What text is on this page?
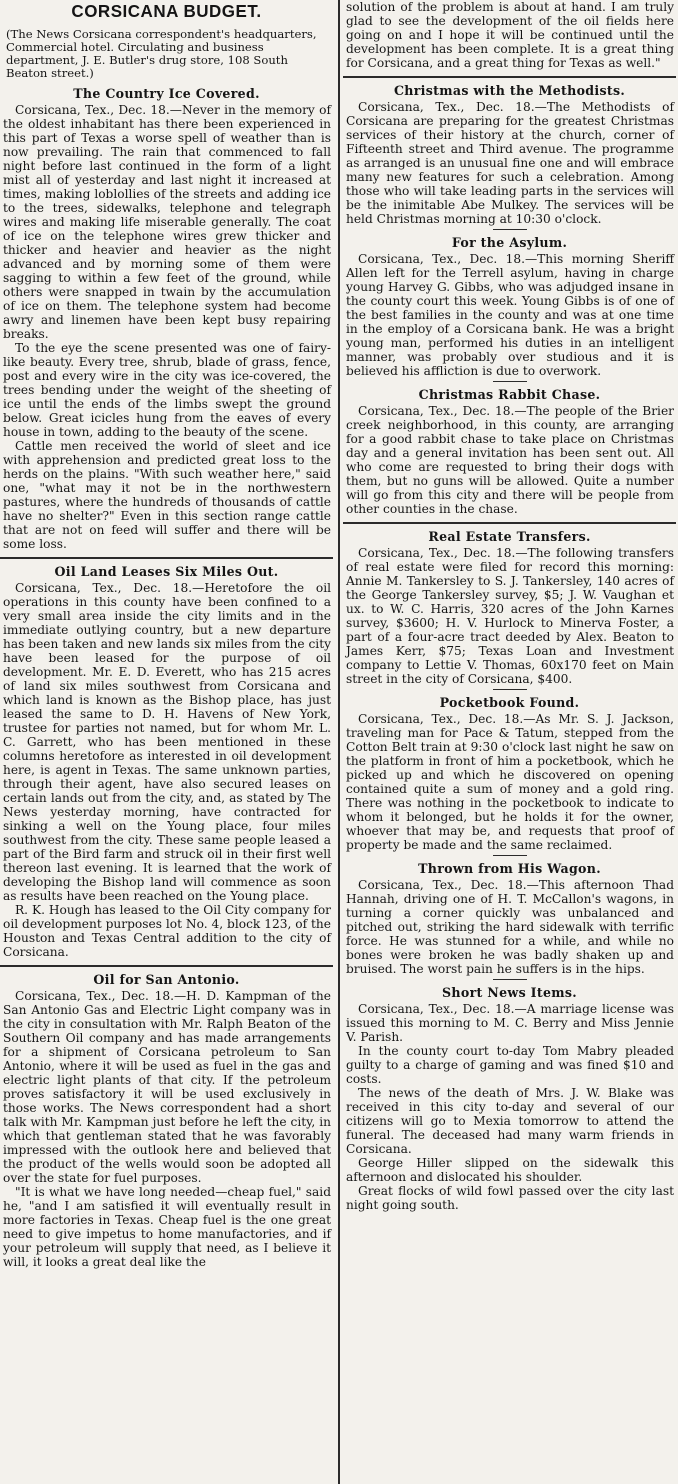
CORSICANA BUDGET.
(The News Corsicana correspondent's headquarters, Commercial hotel. Circulating and business department, J. E. Butler's drug store, 108 South Beaton street.)
The Country Ice Covered.

Corsicana, Tex., Dec. 18.—Never in the memory of the oldest inhabitant has there been experienced in this part of Texas a worse spell of weather than is now prevailing. The rain that commenced to fall night before last continued in the form of a light mist all of yesterday and last night it increased at times, making loblollies of the streets and adding ice to the trees, sidewalks, telephone and telegraph wires and making life miserable generally. The coat of ice on the telephone wires grew thicker and thicker and heavier and heavier as the night advanced and by morning some of them were sagging to within a few feet of the ground, while others were snapped in twain by the accumulation of ice on them. The telephone system had become awry and linemen have been kept busy repairing breaks.

To the eye the scene presented was one of fairy-like beauty. Every tree, shrub, blade of grass, fence, post and every wire in the city was ice-covered, the trees bending under the weight of the sheeting of ice until the ends of the limbs swept the ground below. Great icicles hung from the eaves of every house in town, adding to the beauty of the scene.

Cattle men received the world of sleet and ice with apprehension and predicted great loss to the herds on the plains. "With such weather here," said one, "what may it not be in the northwestern pastures, where the hundreds of thousands of cattle have no shelter?" Even in this section range cattle that are not on feed will suffer and there will be some loss.

Oil Land Leases Six Miles Out.

Corsicana, Tex., Dec. 18.—Heretofore the oil operations in this county have been confined to a very small area inside the city limits and in the immediate outlying country, but a new departure has been taken and new lands six miles from the city have been leased for the purpose of oil development. Mr. E. D. Everett, who has 215 acres of land six miles southwest from Corsicana and which land is known as the Bishop place, has just leased the same to D. H. Havens of New York, trustee for parties not named, but for whom Mr. L. C. Garrett, who has been mentioned in these columns heretofore as interested in oil development here, is agent in Texas. The same unknown parties, through their agent, have also secured leases on certain lands out from the city, and, as stated by The News yesterday morning, have contracted for sinking a well on the Young place, four miles southwest from the city. These same people leased a part of the Bird farm and struck oil in their first well thereon last evening. It is learned that the work of developing the Bishop land will commence as soon as results have been reached on the Young place.

R. K. Hough has leased to the Oil City company for oil development purposes lot No. 4, block 123, of the Houston and Texas Central addition to the city of Corsicana.

Oil for San Antonio.

Corsicana, Tex., Dec. 18.—H. D. Kampman of the San Antonio Gas and Electric Light company was in the city in consultation with Mr. Ralph Beaton of the Southern Oil company and has made arrangements for a shipment of Corsicana petroleum to San Antonio, where it will be used as fuel in the gas and electric light plants of that city. If the petroleum proves satisfactory it will be used exclusively in those works. The News correspondent had a short talk with Mr. Kampman just before he left the city, in which that gentleman stated that he was favorably impressed with the outlook here and believed that the product of the wells would soon be adopted all over the state for fuel purposes.

"It is what we have long needed—cheap fuel," said he, "and I am satisfied it will eventually result in more factories in Texas. Cheap fuel is the one great need to give impetus to home manufactories, and if your petroleum will supply that need, as I believe it will, it looks a great deal like the

solution of the problem is about at hand. I am truly glad to see the development of the oil fields here going on and I hope it will be continued until the development has been complete. It is a great thing for Corsicana, and a great thing for Texas as well."

Christmas with the Methodists.

Corsicana, Tex., Dec. 18.—The Methodists of Corsicana are preparing for the greatest Christmas services of their history at the church, corner of Fifteenth street and Third avenue. The programme as arranged is an unusual fine one and will embrace many new features for such a celebration. Among those who will take leading parts in the services will be the inimitable Abe Mulkey. The services will be held Christmas morning at 10:30 o'clock.

For the Asylum.

Corsicana, Tex., Dec. 18.—This morning Sheriff Allen left for the Terrell asylum, having in charge young Harvey G. Gibbs, who was adjudged insane in the county court this week. Young Gibbs is of one of the best families in the county and was at one time in the employ of a Corsicana bank. He was a bright young man, performed his duties in an intelligent manner, was probably over studious and it is believed his affliction is due to overwork.

Christmas Rabbit Chase.

Corsicana, Tex., Dec. 18.—The people of the Brier creek neighborhood, in this county, are arranging for a good rabbit chase to take place on Christmas day and a general invitation has been sent out. All who come are requested to bring their dogs with them, but no guns will be allowed. Quite a number will go from this city and there will be people from other counties in the chase.

Real Estate Transfers.

Corsicana, Tex., Dec. 18.—The following transfers of real estate were filed for record this morning: Annie M. Tankersley to S. J. Tankersley, 140 acres of the George Tankersley survey, $5; J. W. Vaughan et ux. to W. C. Harris, 320 acres of the John Karnes survey, $3600; H. V. Hurlock to Minerva Foster, a part of a four-acre tract deeded by Alex. Beaton to James Kerr, $75; Texas Loan and Investment company to Lettie V. Thomas, 60x170 feet on Main street in the city of Corsicana, $400.

Pocketbook Found.

Corsicana, Tex., Dec. 18.—As Mr. S. J. Jackson, traveling man for Pace & Tatum, stepped from the Cotton Belt train at 9:30 o'clock last night he saw on the platform in front of him a pocketbook, which he picked up and which he discovered on opening contained quite a sum of money and a gold ring. There was nothing in the pocketbook to indicate to whom it belonged, but he holds it for the owner, whoever that may be, and requests that proof of property be made and the same reclaimed.

Thrown from His Wagon.

Corsicana, Tex., Dec. 18.—This afternoon Thad Hannah, driving one of H. T. McCallon's wagons, in turning a corner quickly was unbalanced and pitched out, striking the hard sidewalk with terrific force. He was stunned for a while, and while no bones were broken he was badly shaken up and bruised. The worst pain he suffers is in the hips.

Short News Items.

Corsicana, Tex., Dec. 18.—A marriage license was issued this morning to M. C. Berry and Miss Jennie V. Parish.

In the county court to-day Tom Mabry pleaded guilty to a charge of gaming and was fined $10 and costs.

The news of the death of Mrs. J. W. Blake was received in this city to-day and several of our citizens will go to Mexia tomorrow to attend the funeral. The deceased had many warm friends in Corsicana.

George Hiller slipped on the sidewalk this afternoon and dislocated his shoulder.

Great flocks of wild fowl passed over the city last night going south.
